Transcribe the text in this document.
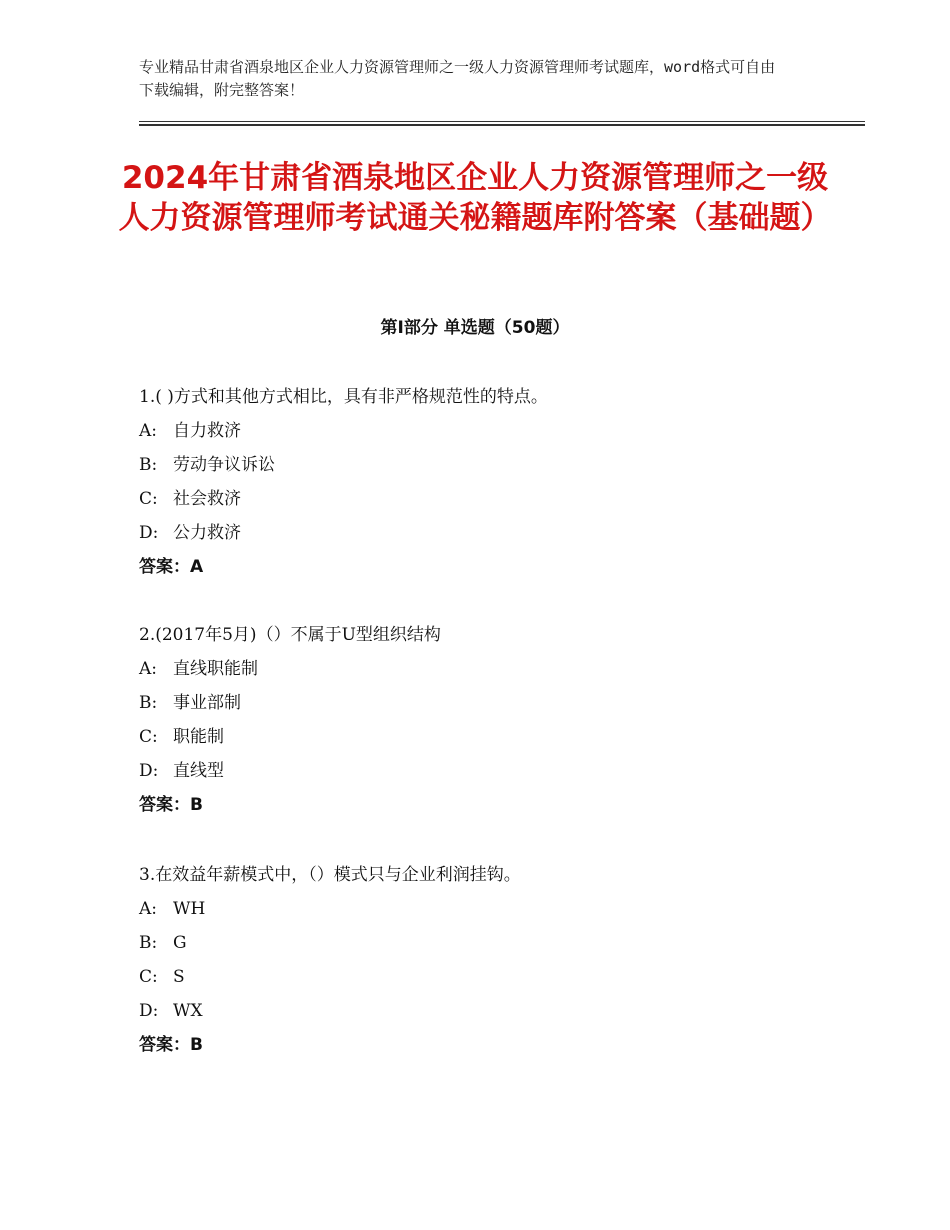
专业精品甘肃省酒泉地区企业人力资源管理师之一级人力资源管理师考试题库，word格式可自由下载编辑，附完整答案！
2024年甘肃省酒泉地区企业人力资源管理师之一级人力资源管理师考试通关秘籍题库附答案（基础题）
第I部分 单选题（50题）
1.( )方式和其他方式相比，具有非严格规范性的特点。
A: 自力救济
B: 劳动争议诉讼
C: 社会救济
D: 公力救济
答案：A
2.(2017年5月)（）不属于U型组织结构
A: 直线职能制
B: 事业部制
C: 职能制
D: 直线型
答案：B
3.在效益年薪模式中，（）模式只与企业利润挂钩。
A: WH
B: G
C: S
D: WX
答案：B
